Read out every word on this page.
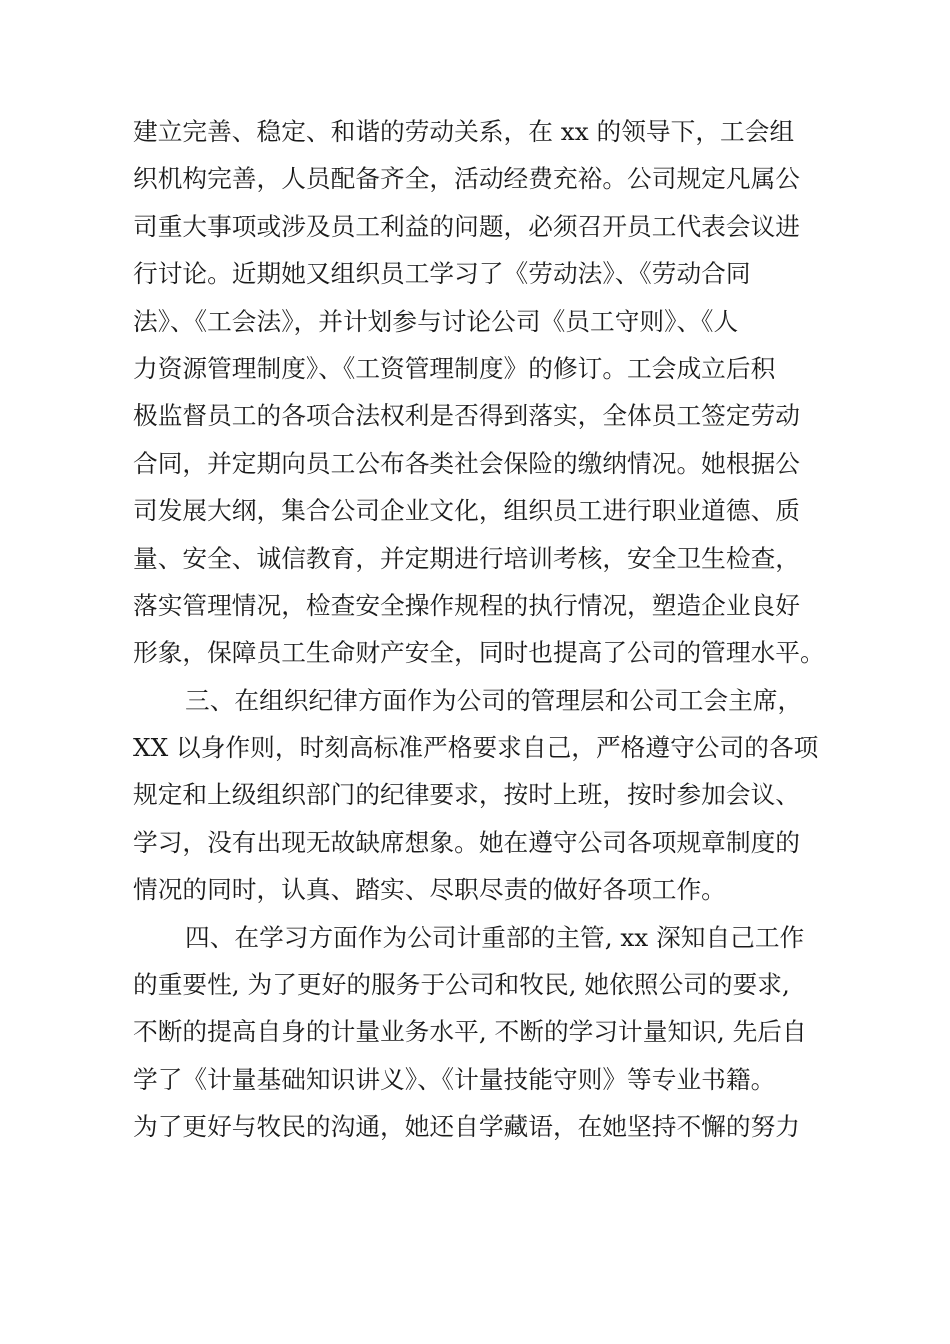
建立完善、稳定、和谐的劳动关系，在 xx 的领导下，工会组
织机构完善，人员配备齐全，活动经费充裕。公司规定凡属公
司重大事项或涉及员工利益的问题，必须召开员工代表会议进
行讨论。近期她又组织员工学习了《劳动法》、《劳动合同
法》、《工会法》，并计划参与讨论公司《员工守则》、《人
力资源管理制度》、《工资管理制度》的修订。工会成立后积
极监督员工的各项合法权利是否得到落实，全体员工签定劳动
合同，并定期向员工公布各类社会保险的缴纳情况。她根据公
司发展大纲，集合公司企业文化，组织员工进行职业道德、质
量、安全、诚信教育，并定期进行培训考核，安全卫生检查，
落实管理情况，检查安全操作规程的执行情况，塑造企业良好
形象，保障员工生命财产安全，同时也提高了公司的管理水平。
三、在组织纪律方面作为公司的管理层和公司工会主席，
XX 以身作则，时刻高标准严格要求自己，严格遵守公司的各项
规定和上级组织部门的纪律要求，按时上班，按时参加会议、
学习，没有出现无故缺席想象。她在遵守公司各项规章制度的
情况的同时，认真、踏实、尽职尽责的做好各项工作。
四、在学习方面作为公司计重部的主管, xx 深知自己工作
的重要性, 为了更好的服务于公司和牧民, 她依照公司的要求,
不断的提高自身的计量业务水平, 不断的学习计量知识, 先后自
学了《计量基础知识讲义》、《计量技能守则》等专业书籍。
为了更好与牧民的沟通，她还自学藏语，在她坚持不懈的努力
